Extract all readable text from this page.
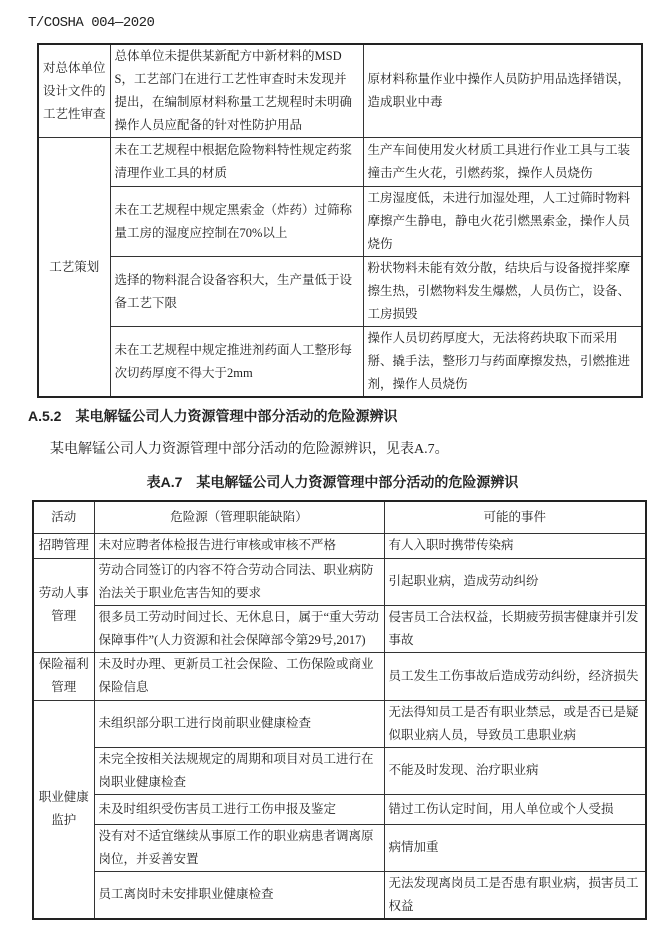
T/COSHA 004—2020
对总体单位设计文件的工艺性审查	总体单位未提供某新配方中新材料的MSDS，工艺部门在进行工艺性审查时未发现并提出，在编制原材料称量工艺规程时未明确操作人员应配备的针对性防护用品	原材料称量作业中操作人员防护用品选择错误，造成职业中毒
工艺策划	未在工艺规程中根据危险物料特性规定药浆清理作业工具的材质	生产车间使用发火材质工具进行作业工具与工装撞击产生火花，引燃药浆，操作人员烧伤
	未在工艺规程中规定黑索金（炸药）过筛称量工房的湿度应控制在70%以上	工房湿度低，未进行加湿处理，人工过筛时物料摩擦产生静电，静电火花引燃黑索金，操作人员烧伤
	选择的物料混合设备容积大，生产量低于设备工艺下限	粉状物料未能有效分散，结块后与设备搅拌桨摩擦生热，引燃物料发生爆燃，人员伤亡，设备、工房损毁
	未在工艺规程中规定推进剂药面人工整形每次切药厚度不得大于2mm	操作人员切药厚度大，无法将药块取下而采用掰、撬手法，整形刀与药面摩擦发热，引燃推进剂，操作人员烧伤
A.5.2　某电解锰公司人力资源管理中部分活动的危险源辨识
某电解锰公司人力资源管理中部分活动的危险源辨识，见表A.7。
表A.7　某电解锰公司人力资源管理中部分活动的危险源辨识
活动	危险源（管理职能缺陷）	可能的事件
招聘管理	未对应聘者体检报告进行审核或审核不严格	有人入职时携带传染病
劳动人事管理	劳动合同签订的内容不符合劳动合同法、职业病防治法关于职业危害告知的要求	引起职业病，造成劳动纠纷
	很多员工劳动时间过长、无休息日，属于“重大劳动保障事件”(人力资源和社会保障部令第29号,2017)	侵害员工合法权益，长期疲劳损害健康并引发事故
保险福利管理	未及时办理、更新员工社会保险、工伤保险或商业保险信息	员工发生工伤事故后造成劳动纠纷，经济损失
职业健康监护	未组织部分职工进行岗前职业健康检查	无法得知员工是否有职业禁忌，或是否已是疑似职业病人员，导致员工患职业病
	未完全按相关法规规定的周期和项目对员工进行在岗职业健康检查	不能及时发现、治疗职业病
	未及时组织受伤害员工进行工伤申报及鉴定	错过工伤认定时间，用人单位或个人受损
	没有对不适宜继续从事原工作的职业病患者调离原岗位，并妥善安置	病情加重
	员工离岗时未安排职业健康检查	无法发现离岗员工是否患有职业病，损害员工权益
